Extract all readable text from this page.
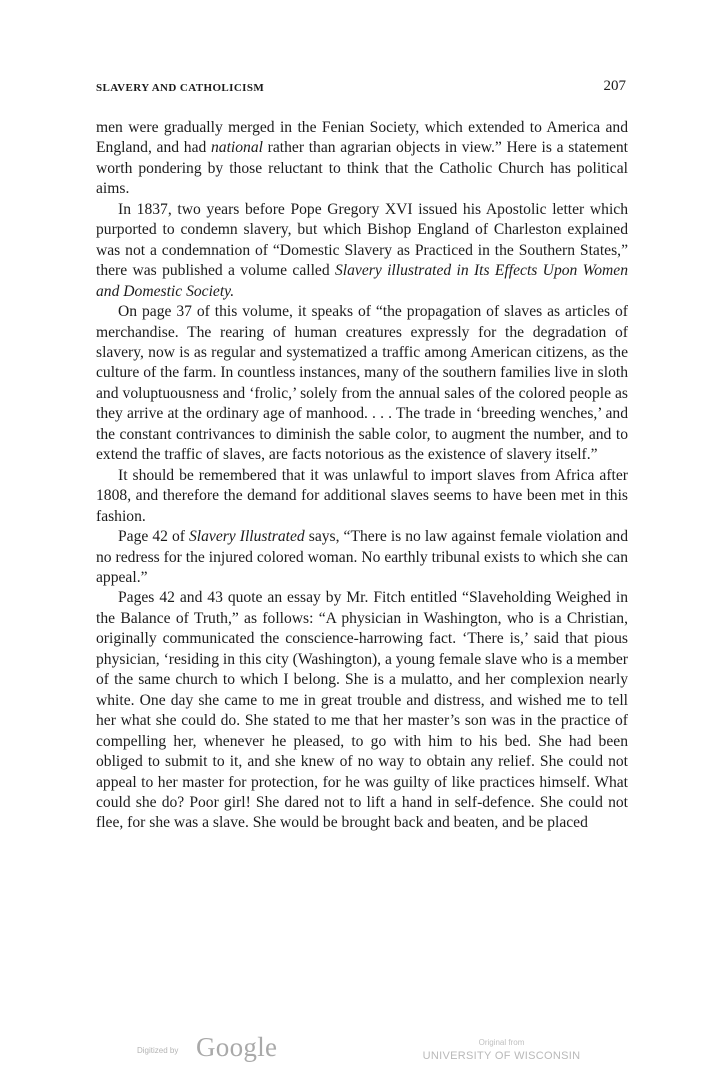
SLAVERY AND CATHOLICISM	207

men were gradually merged in the Fenian Society, which extended to America and England, and had national rather than agrarian objects in view.” Here is a statement worth pondering by those reluctant to think that the Catholic Church has political aims.

In 1837, two years before Pope Gregory XVI issued his Apostolic letter which purported to condemn slavery, but which Bishop England of Charleston explained was not a condemnation of “Domestic Slavery as Practiced in the Southern States,” there was published a volume called Slavery illustrated in Its Effects Upon Women and Domestic Society.

On page 37 of this volume, it speaks of “the propagation of slaves as articles of merchandise. The rearing of human creatures expressly for the degradation of slavery, now is as regular and systematized a traffic among American citizens, as the culture of the farm. In countless instances, many of the southern families live in sloth and voluptuousness and ‘frolic,’ solely from the annual sales of the colored people as they arrive at the ordinary age of manhood. . . . The trade in ‘breeding wenches,’ and the constant contrivances to diminish the sable color, to augment the number, and to extend the traffic of slaves, are facts notorious as the existence of slavery itself.”

It should be remembered that it was unlawful to import slaves from Africa after 1808, and therefore the demand for additional slaves seems to have been met in this fashion.

Page 42 of Slavery Illustrated says, “There is no law against female violation and no redress for the injured colored woman. No earthly tribunal exists to which she can appeal.”

Pages 42 and 43 quote an essay by Mr. Fitch entitled “Slaveholding Weighed in the Balance of Truth,” as follows: “A physician in Washington, who is a Christian, originally communicated the conscience-harrowing fact. ‘There is,’ said that pious physician, ‘residing in this city (Washington), a young female slave who is a member of the same church to which I belong. She is a mulatto, and her complexion nearly white. One day she came to me in great trouble and distress, and wished me to tell her what she could do. She stated to me that her master’s son was in the practice of compelling her, whenever he pleased, to go with him to his bed. She had been obliged to submit to it, and she knew of no way to obtain any relief. She could not appeal to her master for protection, for he was guilty of like practices himself. What could she do? Poor girl! She dared not to lift a hand in self-defence. She could not flee, for she was a slave. She would be brought back and beaten, and be placed

Digitized by Google	Original from
UNIVERSITY OF WISCONSIN
